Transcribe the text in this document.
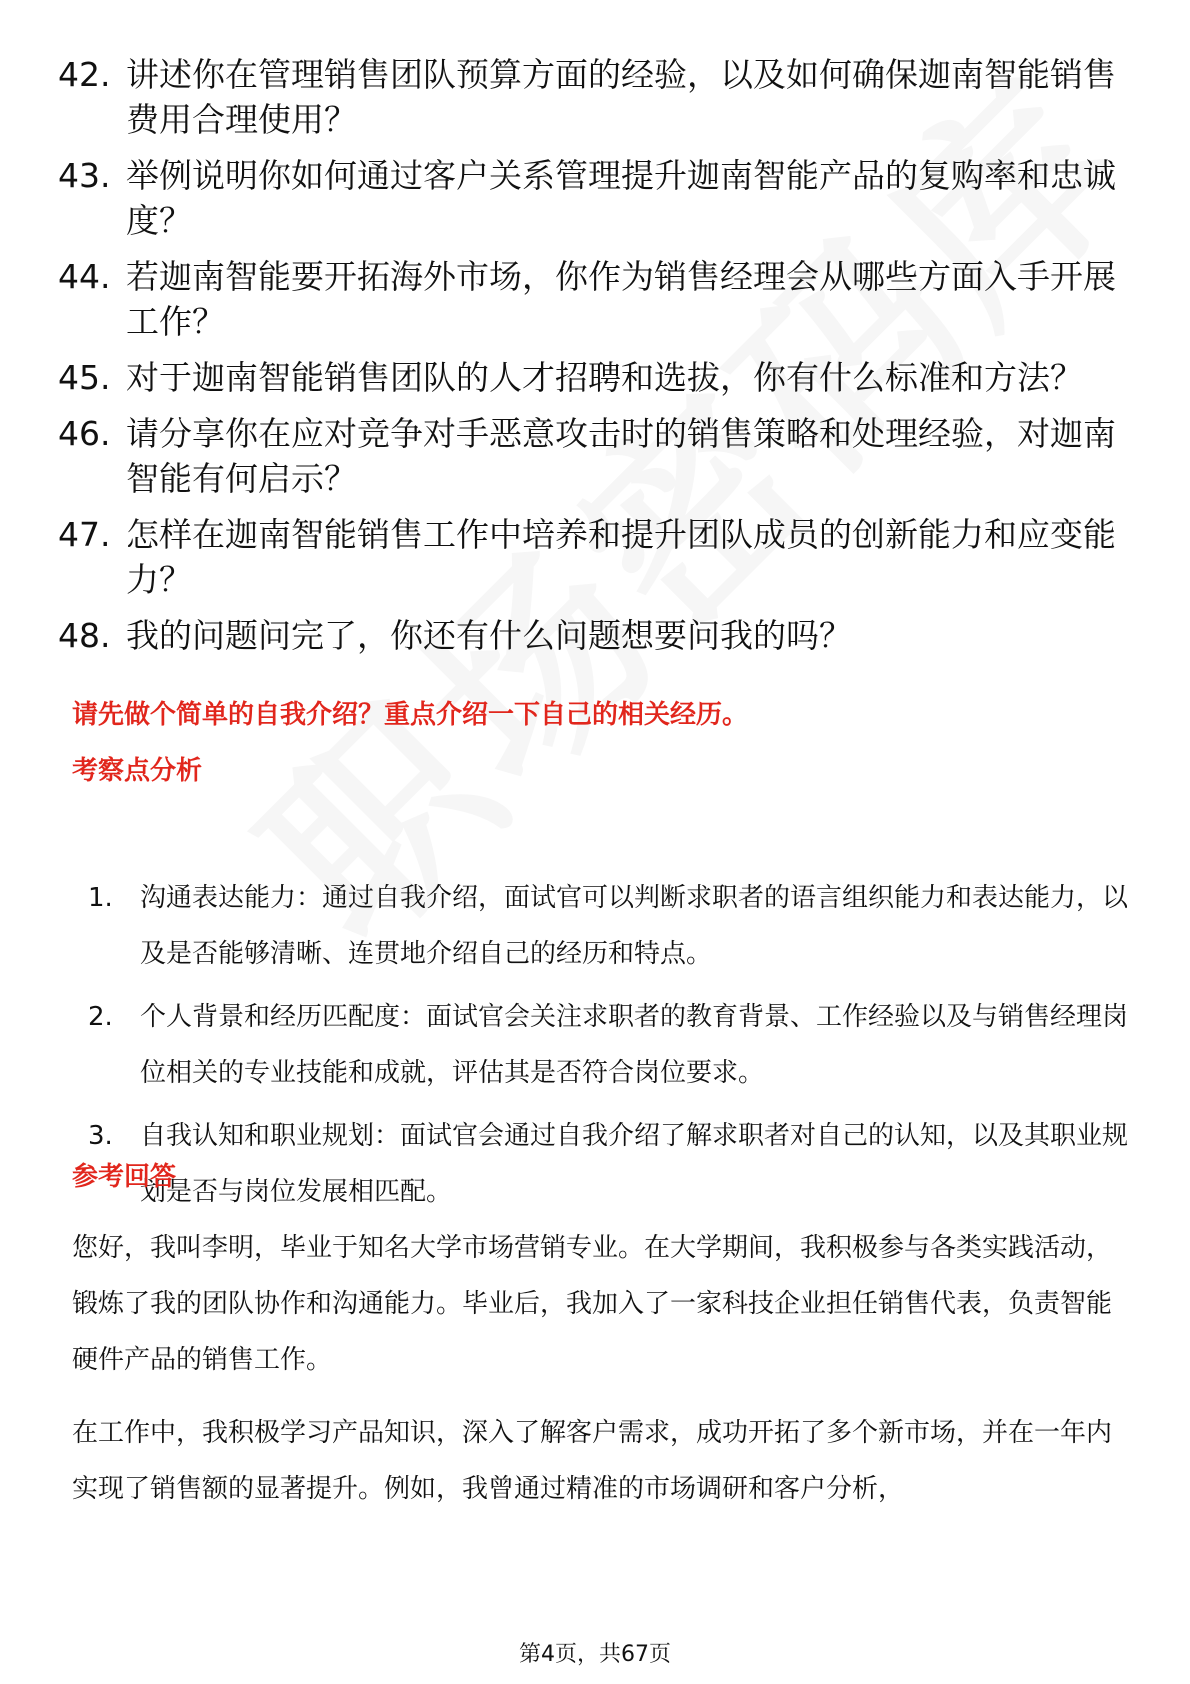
42. 讲述你在管理销售团队预算方面的经验，以及如何确保迦南智能销售费用合理使用？
43. 举例说明你如何通过客户关系管理提升迦南智能产品的复购率和忠诚度？
44. 若迦南智能要开拓海外市场，你作为销售经理会从哪些方面入手开展工作？
45. 对于迦南智能销售团队的人才招聘和选拔，你有什么标准和方法？
46. 请分享你在应对竞争对手恶意攻击时的销售策略和处理经验，对迦南智能有何启示？
47. 怎样在迦南智能销售工作中培养和提升团队成员的创新能力和应变能力？
48. 我的问题问完了，你还有什么问题想要问我的吗？
请先做个简单的自我介绍？重点介绍一下自己的相关经历。
考察点分析
1.	沟通表达能力：通过自我介绍，面试官可以判断求职者的语言组织能力和表达能力，以及是否能够清晰、连贯地介绍自己的经历和特点。
2.	个人背景和经历匹配度：面试官会关注求职者的教育背景、工作经验以及与销售经理岗位相关的专业技能和成就，评估其是否符合岗位要求。
3.	自我认知和职业规划：面试官会通过自我介绍了解求职者对自己的认知，以及其职业规划是否与岗位发展相匹配。
参考回答

您好，我叫李明，毕业于知名大学市场营销专业。在大学期间，我积极参与各类实践活动，锻炼了我的团队协作和沟通能力。毕业后，我加入了一家科技企业担任销售代表，负责智能硬件产品的销售工作。

在工作中，我积极学习产品知识，深入了解客户需求，成功开拓了多个新市场，并在一年内实现了销售额的显著提升。例如，我曾通过精准的市场调研和客户分析，

第4页，共67页
